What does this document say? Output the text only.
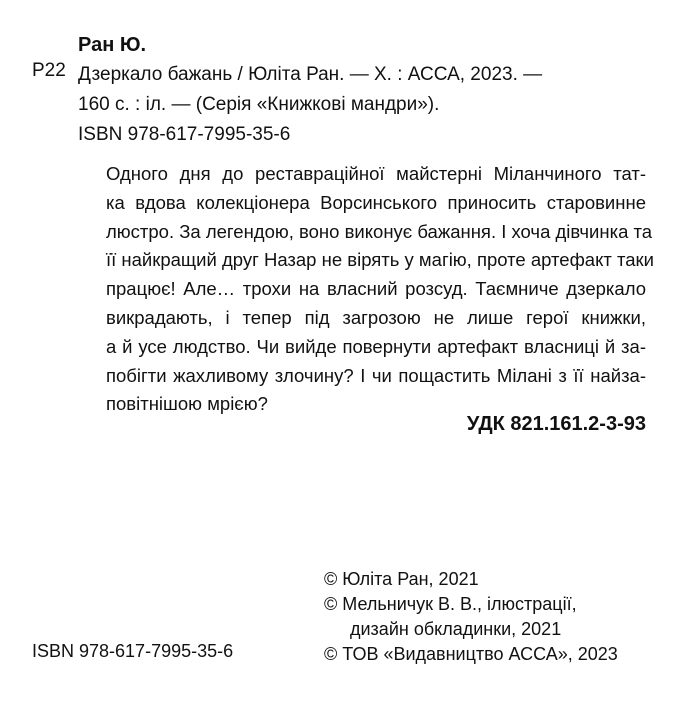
Ран Ю.
Р22 Дзеркало бажань / Юліта Ран. — Х. : АССА, 2023. —
160 с. : іл. — (Серія «Книжкові мандри»).
ISBN 978-617-7995-35-6
Одного дня до реставраційної майстерні Міланчиного тат-
ка вдова колекціонера Ворсинського приносить старовинне
люстро. За легендою, воно виконує бажання. І хоча дівчинка та
її найкращий друг Назар не вірять у магію, проте артефакт таки
працює! Але… трохи на власний розсуд. Таємниче дзеркало
викрадають, і тепер під загрозою не лише герої книжки,
а й усе людство. Чи вийде повернути артефакт власниці й за-
побігти жахливому злочину? І чи пощастить Мілані з її найза-
повітнішою мрією?
УДК 821.161.2-3-93
© Юліта Ран, 2021
© Мельничук В. В., ілюстрації,
дизайн обкладинки, 2021
© ТОВ «Видавництво АССА», 2023
ISBN 978-617-7995-35-6
